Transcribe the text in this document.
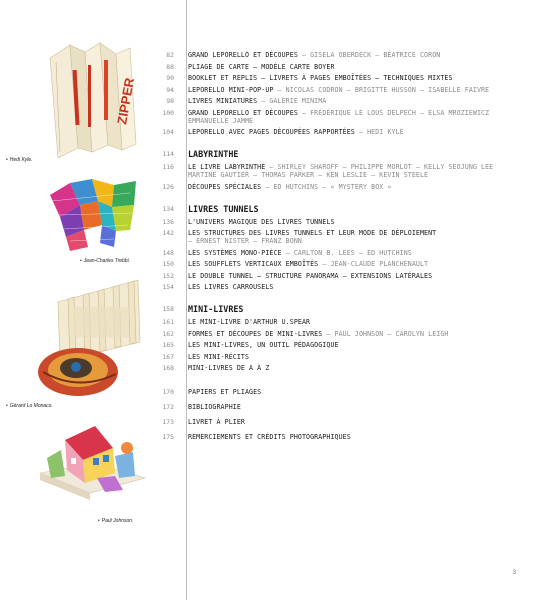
ZIPPER
• Hedi Kyle.
• Jean-Charles Trebbi.
• Gérard Lo Monaco.
• Paul Johnson.
82 GRAND LEPORELLO ET DÉCOUPES — GISELA OBERDECK — BÉATRICE CORON
88 PLIAGE DE CARTE – MODÈLE CARTE BOYER
90 BOOKLET ET REPLIS – LIVRETS À PAGES EMBOÎTÉES – TECHNIQUES MIXTES
94 LEPORELLO MINI-POP-UP — NICOLAS CODRON — BRIGITTE HUSSON — ISABELLE FAIVRE
98 LIVRES MINIATURES — GALERIE MINIMA
100 GRAND LEPORELLO ET DÉCOUPES — FRÉDÉRIQUE LE LOUS DELPECH — ELSA MROZIEWICZ EMMANUELLE JAMME
104 LEPORELLO AVEC PAGES DÉCOUPÉES RAPPORTÉES — HEDI KYLE
114 LABYRINTHE
116 LE LIVRE LABYRINTHE — SHIRLEY SHAROFF — PHILIPPE MORLOT — KELLY SEOJUNG LEE MARTINE GAUTIER — THOMAS PARKER — KEN LESLIE — KEVIN STEELE
126 DÉCOUPES SPÉCIALES — ED HUTCHINS — « MYSTERY BOX »
134 LIVRES TUNNELS
136 L'UNIVERS MAGIQUE DES LIVRES TUNNELS
142 LES STRUCTURES DES LIVRES TUNNELS ET LEUR MODE DE DÉPLOIEMENT
— ERNEST NISTER — FRANZ BONN
148 LES SYSTÈMES MONO-PIÈCE — CARLTON B. LEES — ED HUTCHINS
150 LES SOUFFLETS VERTICAUX EMBOÎTÉS — JEAN-CLAUDE PLANCHENAULT
152 LE DOUBLE TUNNEL – STRUCTURE PANORAMA – EXTENSIONS LATÉRALES
154 LES LIVRES CARROUSELS
158 MINI-LIVRES
161 LE MINI-LIVRE D'ARTHUR U.SPEAR
162 FORMES ET DÉCOUPES DE MINI-LIVRES — PAUL JOHNSON — CAROLYN LEIGH
165 LES MINI-LIVRES, UN OUTIL PÉDAGOGIQUE
167 LES MINI-RÉCITS
168 MINI-LIVRES DE A À Z
170 PAPIERS ET PLIAGES
172 BIBLIOGRAPHIE
173 LIVRET À PLIER
175 REMERCIEMENTS ET CRÉDITS PHOTOGRAPHIQUES
3
